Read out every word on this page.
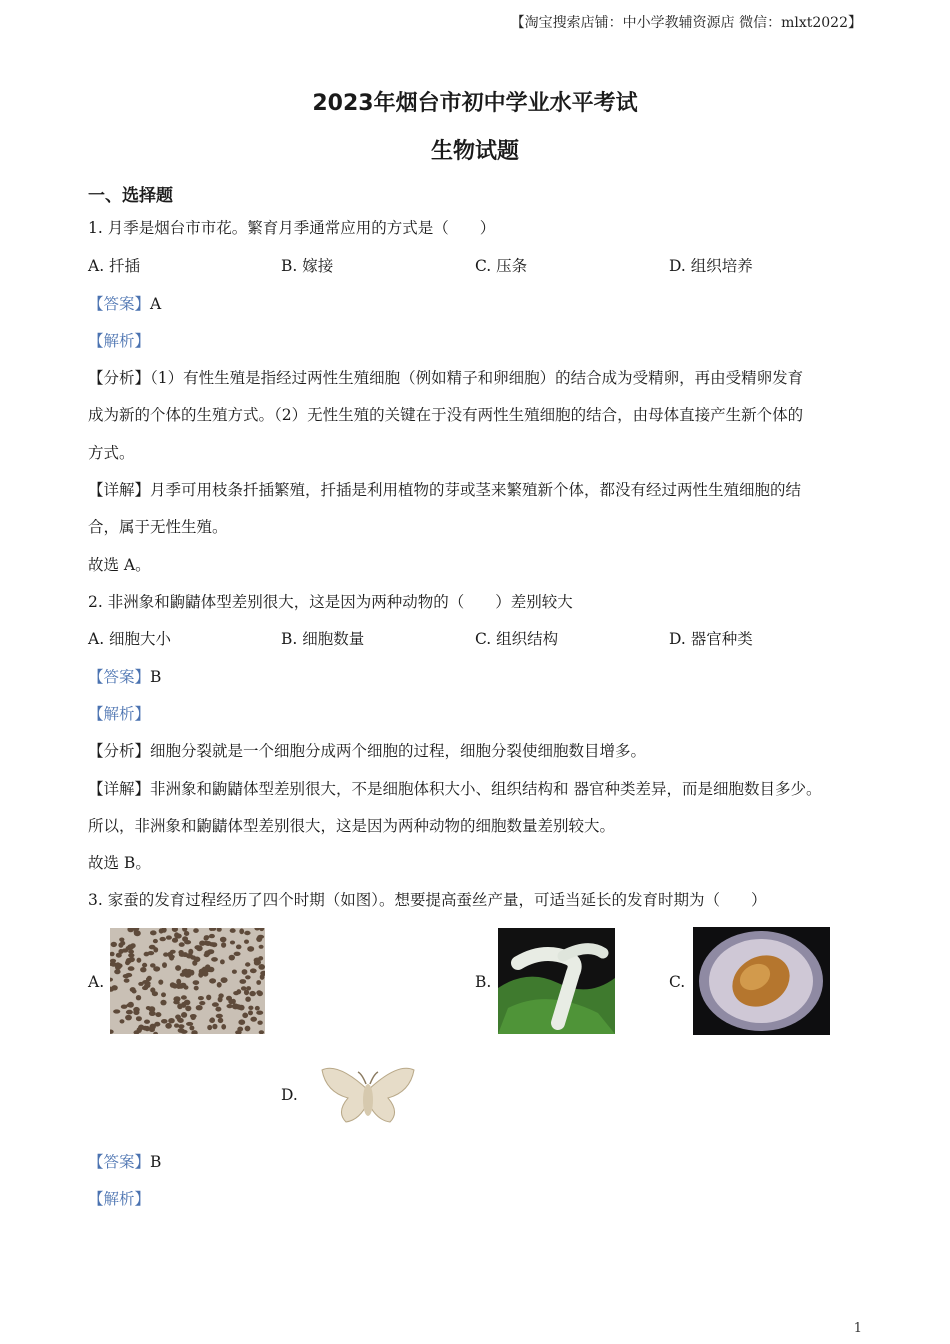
【淘宝搜索店铺：中小学教辅资源店 微信：mlxt2022】
2023年烟台市初中学业水平考试
生物试题
一、选择题
1. 月季是烟台市市花。繁育月季通常应用的方式是（　　）
A. 扦插	B. 嫁接	C. 压条	D. 组织培养
【答案】A
【解析】
【分析】（1）有性生殖是指经过两性生殖细胞（例如精子和卵细胞）的结合成为受精卵，再由受精卵发育
成为新的个体的生殖方式。（2）无性生殖的关键在于没有两性生殖细胞的结合，由母体直接产生新个体的
方式。
【详解】月季可用枝条扦插繁殖，扦插是利用植物的芽或茎来繁殖新个体，都没有经过两性生殖细胞的结
合，属于无性生殖。
故选 A。
2. 非洲象和鼩鼱体型差别很大，这是因为两种动物的（　　）差别较大
A. 细胞大小	B. 细胞数量	C. 组织结构	D. 器官种类
【答案】B
【解析】
【分析】细胞分裂就是一个细胞分成两个细胞的过程，细胞分裂使细胞数目增多。
【详解】非洲象和鼩鼱体型差别很大，不是细胞体积大小、组织结构和 器官种类差异，而是细胞数目多少。
所以，非洲象和鼩鼱体型差别很大，这是因为两种动物的细胞数量差别较大。
故选 B。
3. 家蚕的发育过程经历了四个时期（如图）。想要提高蚕丝产量，可适当延长的发育时期为（　　）
A.	B.	C.
D.
【答案】B
【解析】
1
